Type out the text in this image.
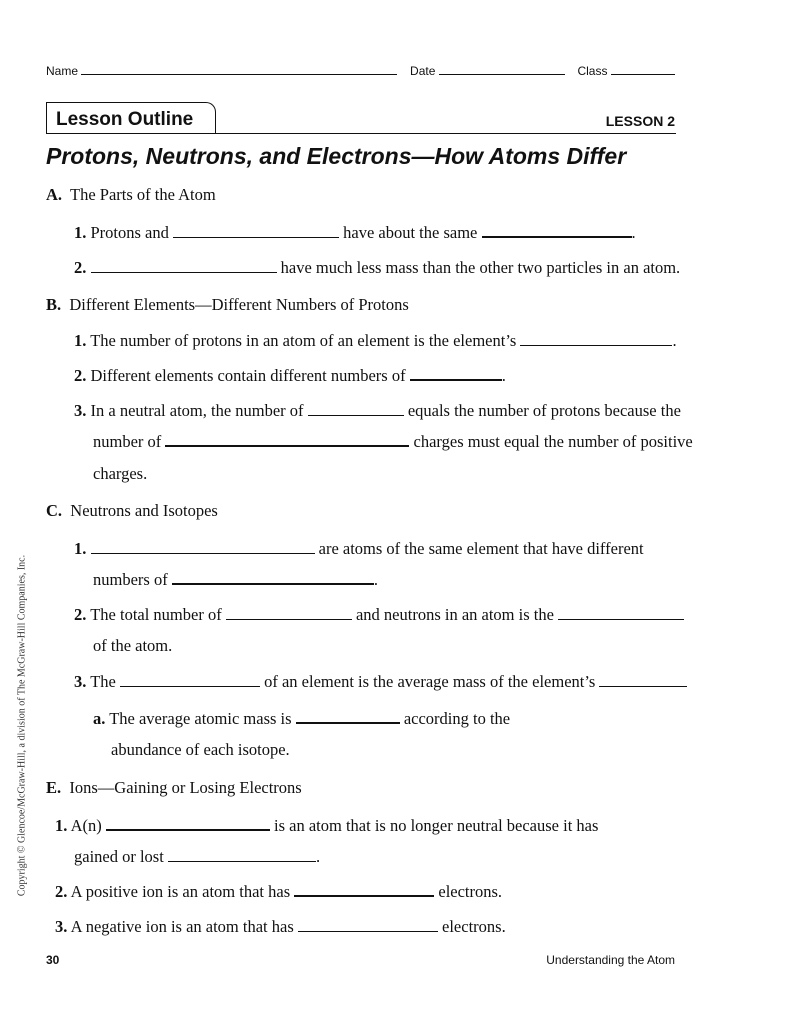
Name	Date	Class
Lesson Outline	LESSON 2
Protons, Neutrons, and Electrons—How Atoms Differ
A. The Parts of the Atom
1. Protons and	have about the same	.
2.	have much less mass than the other two particles in an atom.
B. Different Elements—Different Numbers of Protons
1. The number of protons in an atom of an element is the element’s	.
2. Different elements contain different numbers of	.
3. In a neutral atom, the number of	equals the number of protons because the
number of	charges must equal the number of positive
charges.
C. Neutrons and Isotopes
1.	are atoms of the same element that have different
numbers of	.
2. The total number of	and neutrons in an atom is the
of the atom.
3. The	of an element is the average mass of the element’s
a. The average atomic mass is	according to the
abundance of each isotope.
E. Ions—Gaining or Losing Electrons
1. A(n)	is an atom that is no longer neutral because it has
gained or lost	.
2. A positive ion is an atom that has	electrons.
3. A negative ion is an atom that has	electrons.
Copyright © Glencoe/McGraw-Hill, a division of The McGraw-Hill Companies, Inc.
30	Understanding the Atom
